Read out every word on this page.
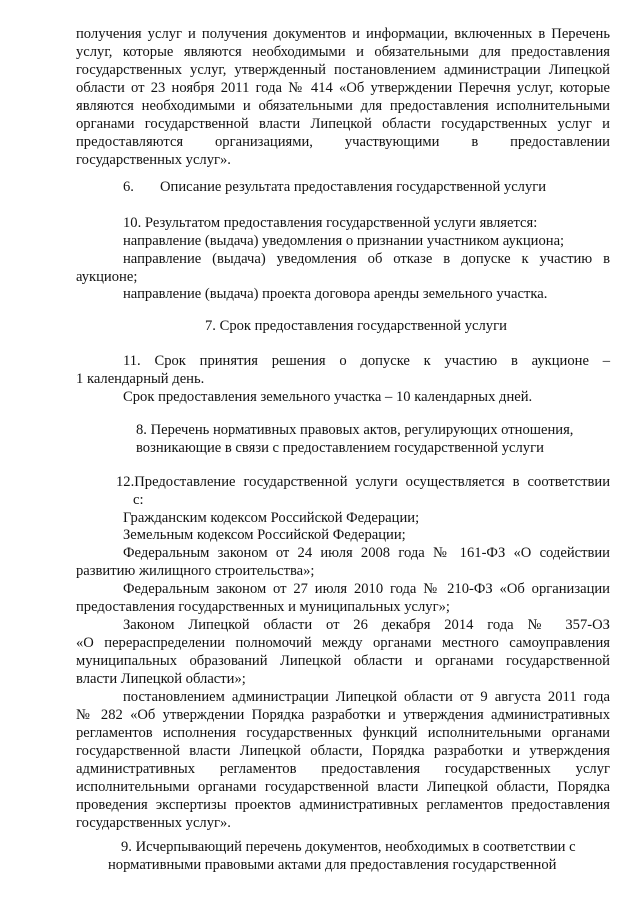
получения услуг и получения документов и информации, включенных в Перечень
услуг, которые являются необходимыми и обязательными для предоставления
государственных услуг, утвержденный постановлением администрации Липецкой
области от 23 ноября 2011 года № 414 «Об утверждении Перечня услуг, которые
являются необходимыми и обязательными для предоставления исполнительными
органами государственной власти Липецкой области государственных услуг и
предоставляются организациями, участвующими в предоставлении
государственных услуг».
6. Описание результата предоставления государственной услуги
10. Результатом предоставления государственной услуги является:
направление (выдача) уведомления о признании участником аукциона;
направление (выдача) уведомления об отказе в допуске к участию в
аукционе;
направление (выдача) проекта договора аренды земельного участка.
7. Срок предоставления государственной услуги
11. Срок принятия решения о допуске к участию в аукционе –
1 календарный день.
Срок предоставления земельного участка – 10 календарных дней.
8. Перечень нормативных правовых актов, регулирующих отношения,
возникающие в связи с предоставлением государственной услуги
12.Предоставление государственной услуги осуществляется в соответствии
с:
Гражданским кодексом Российской Федерации;
Земельным кодексом Российской Федерации;
Федеральным законом от 24 июля 2008 года № 161-ФЗ «О содействии
развитию жилищного строительства»;
Федеральным законом от 27 июля 2010 года № 210-ФЗ «Об организации
предоставления государственных и муниципальных услуг»;
Законом Липецкой области от 26 декабря 2014 года № 357-ОЗ
«О перераспределении полномочий между органами местного самоуправления
муниципальных образований Липецкой области и органами государственной
власти Липецкой области»;
постановлением администрации Липецкой области от 9 августа 2011 года
№ 282 «Об утверждении Порядка разработки и утверждения административных
регламентов исполнения государственных функций исполнительными органами
государственной власти Липецкой области, Порядка разработки и утверждения
административных регламентов предоставления государственных услуг
исполнительными органами государственной власти Липецкой области, Порядка
проведения экспертизы проектов административных регламентов предоставления
государственных услуг».
9. Исчерпывающий перечень документов, необходимых в соответствии с
нормативными правовыми актами для предоставления государственной
